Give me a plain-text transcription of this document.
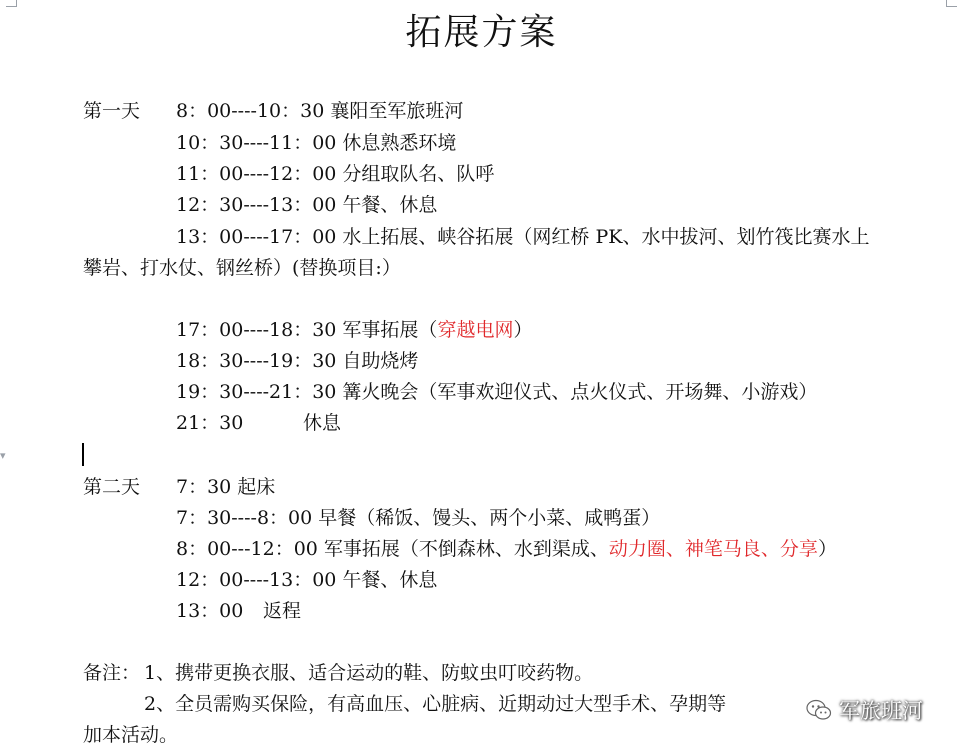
拓展方案
第一天 8：00----10：30 襄阳至军旅班河
10：30----11：00 休息熟悉环境
11：00----12：00 分组取队名、队呼
12：30----13：00 午餐、休息
13：00----17：00 水上拓展、峡谷拓展（网红桥 PK、水中拔河、划竹筏比赛水上
攀岩、打水仗、钢丝桥）(替换项目:）
17：00----18：30 军事拓展（穿越电网）
18：30----19：30 自助烧烤
19：30----21：30 篝火晚会（军事欢迎仪式、点火仪式、开场舞、小游戏）
21：30	休息
▾
第二天 7：30 起床
7：30----8：00 早餐（稀饭、馒头、两个小菜、咸鸭蛋）
8：00---12：00 军事拓展（不倒森林、水到渠成、动力圈、神笔马良、分享）
12：00----13：00 午餐、休息
13：00 返程
备注： 1、携带更换衣服、适合运动的鞋、防蚊虫叮咬药物。
2、全员需购买保险，有高血压、心脏病、近期动过大型手术、孕期等
加本活动。
军旅班河
